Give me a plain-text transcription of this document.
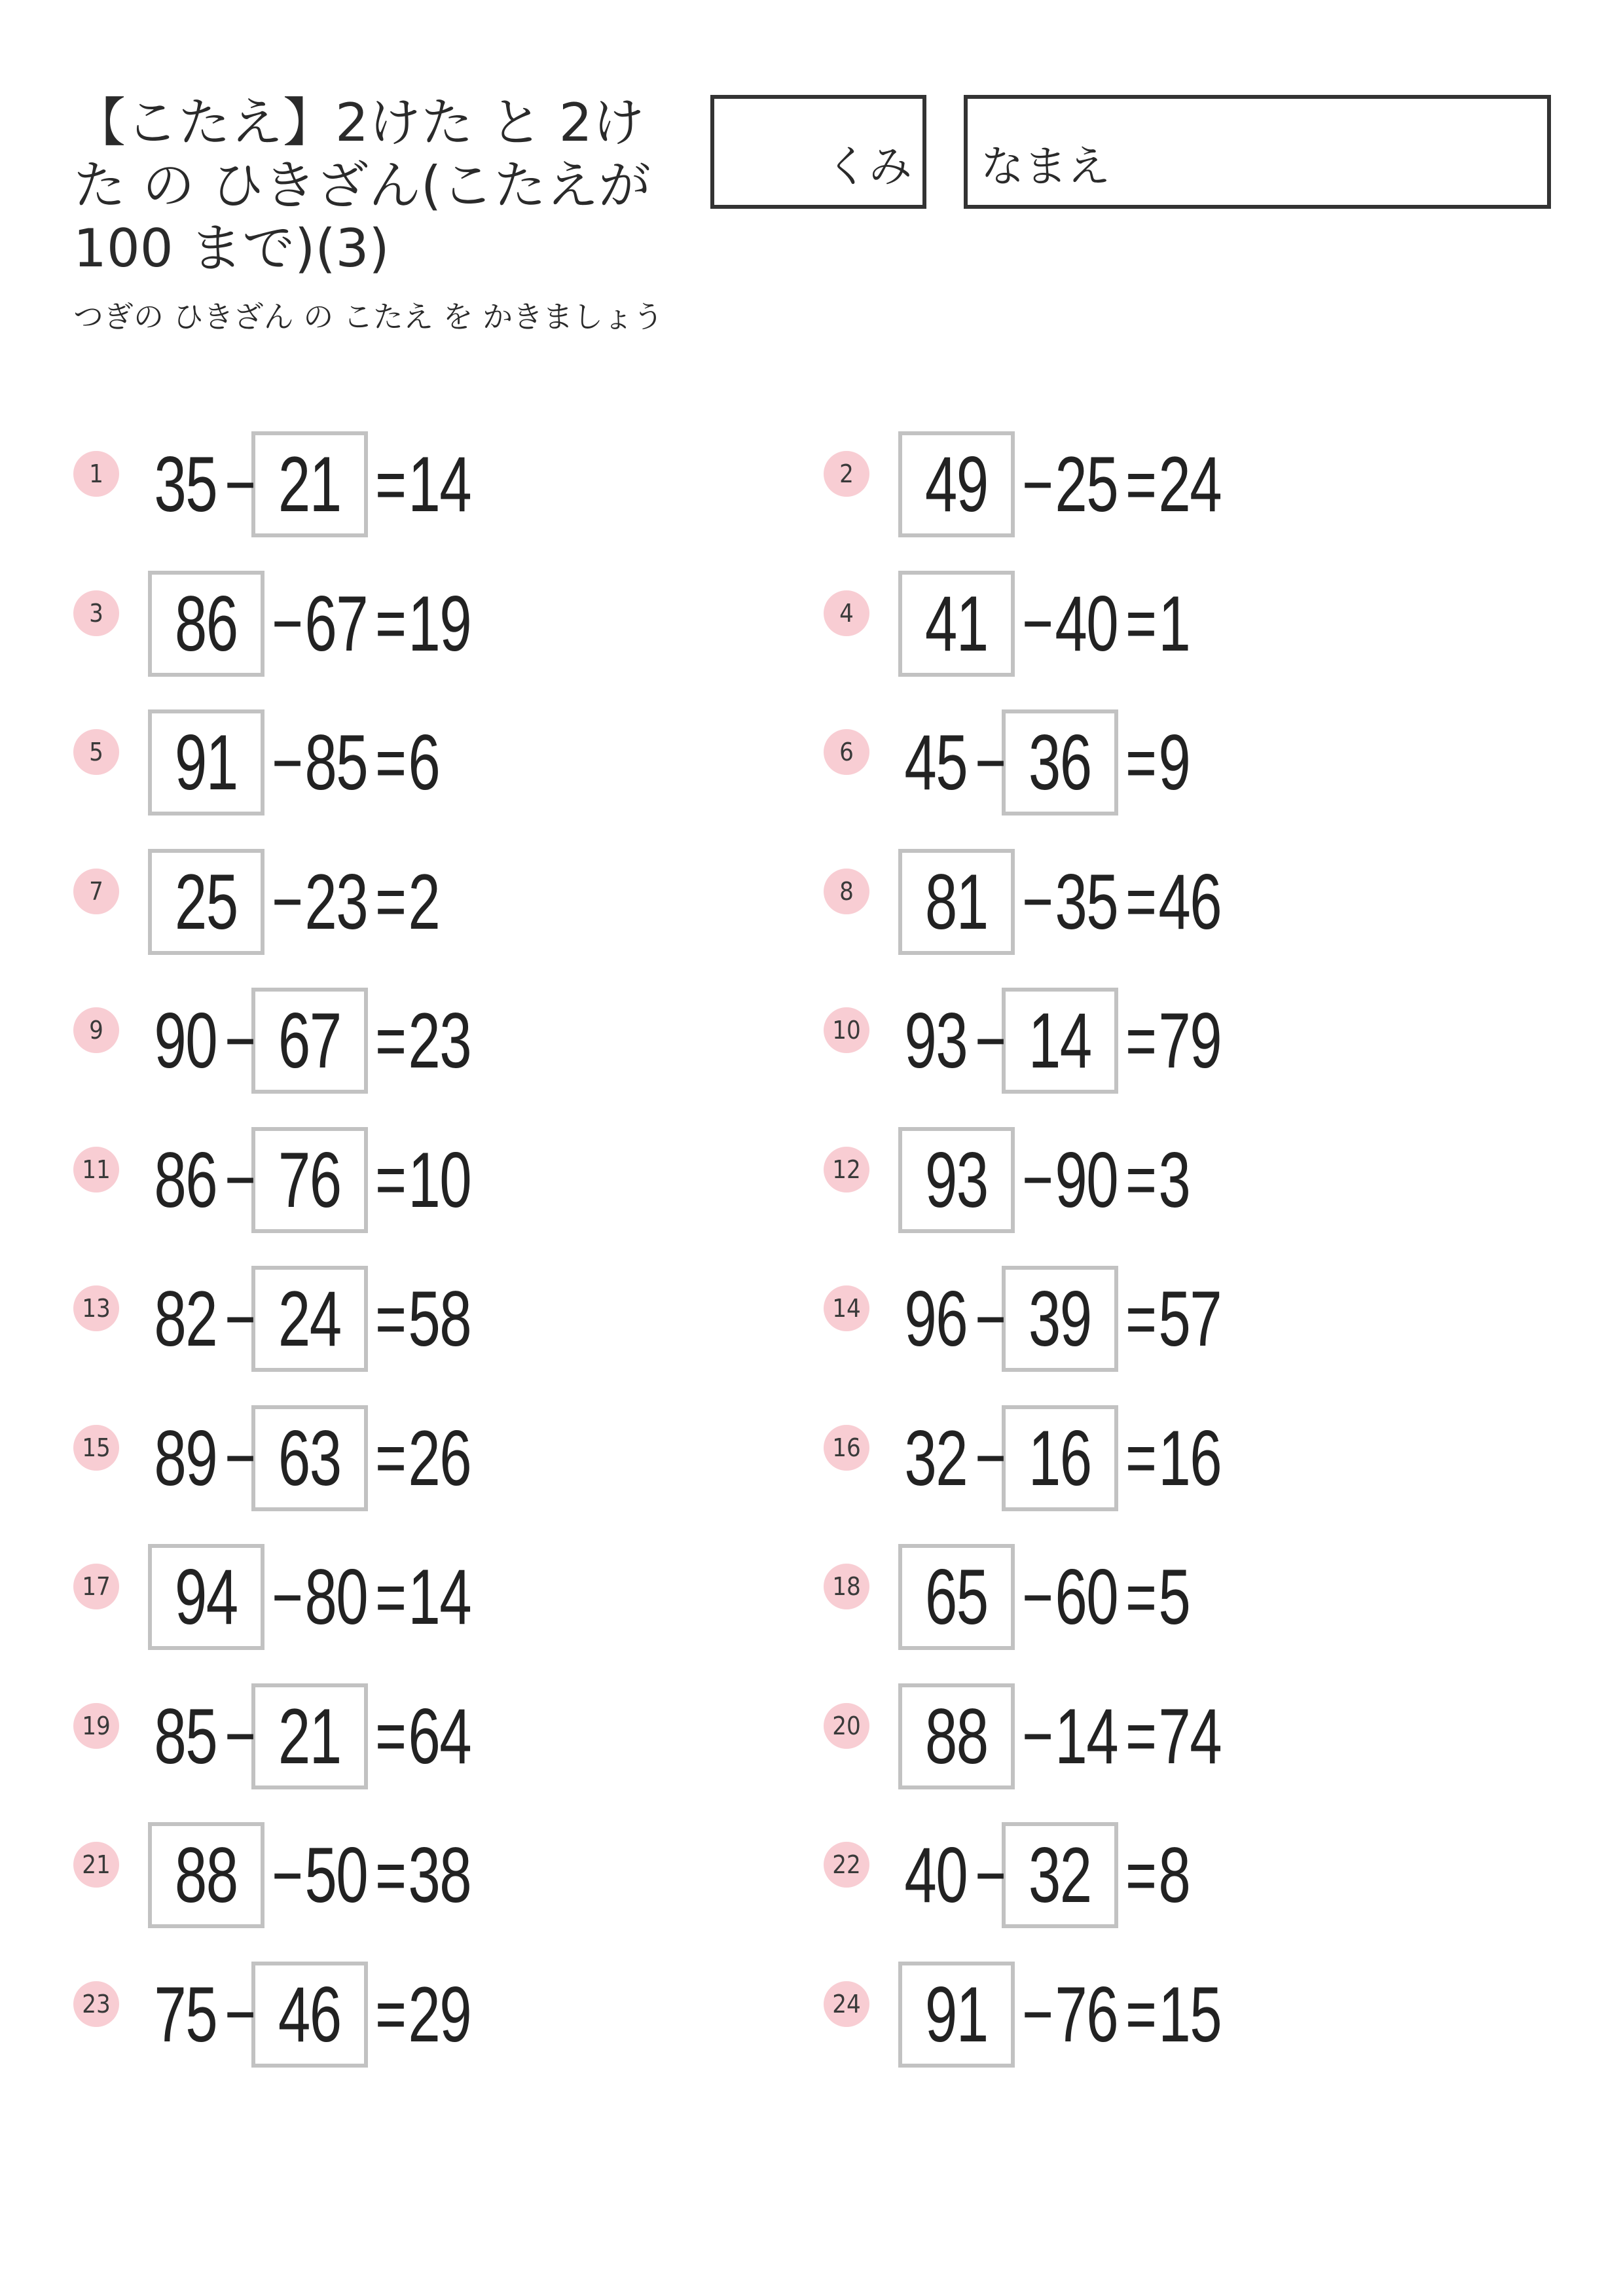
【こたえ】2けた と 2けた の ひきざん(こたえが 100 まで)(3)
つぎの ひきざん の こたえ を かきましょう
くみ なまえ
1 35 − 21 = 14	2 49 − 25 = 24
3 86 − 67 = 19	4 41 − 40 = 1
5 91 − 85 = 6	6 45 − 36 = 9
7 25 − 23 = 2	8 81 − 35 = 46
9 90 − 67 = 23	10 93 − 14 = 79
11 86 − 76 = 10	12 93 − 90 = 3
13 82 − 24 = 58	14 96 − 39 = 57
15 89 − 63 = 26	16 32 − 16 = 16
17 94 − 80 = 14	18 65 − 60 = 5
19 85 − 21 = 64	20 88 − 14 = 74
21 88 − 50 = 38	22 40 − 32 = 8
23 75 − 46 = 29	24 91 − 76 = 15
